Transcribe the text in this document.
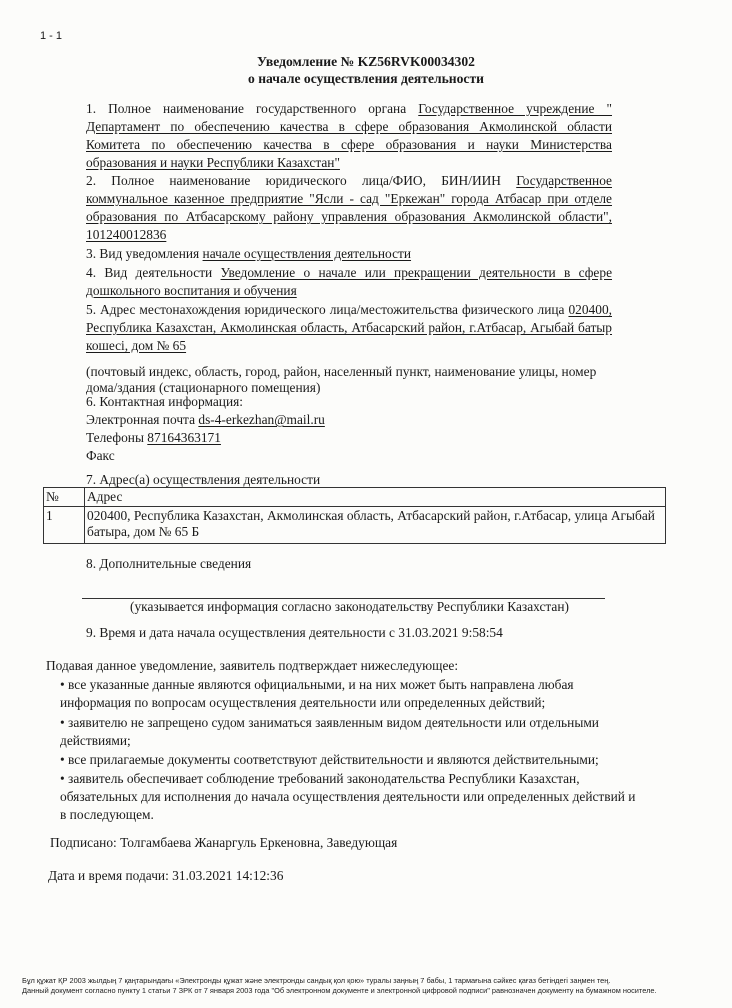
1 - 1
Уведомление № KZ56RVK00034302
о начале осуществления деятельности
1. Полное наименование государственного органа Государственное учреждение "
Департамент по обеспечению качества в сфере образования Акмолинской области
Комитета по обеспечению качества в сфере образования и науки Министерства
образования и науки Республики Казахстан"
2. Полное наименование юридического лица/ФИО, БИН/ИИН Государственное
коммунальное казенное предприятие "Ясли - сад "Еркежан" города Атбасар при отделе
образования по Атбасарскому району управления образования Акмолинской области",
101240012836
3. Вид уведомления начале осуществления деятельности
4. Вид деятельности Уведомление о начале или прекращении деятельности в сфере
дошкольного воспитания и обучения
5. Адрес местонахождения юридического лица/местожительства физического лица 020400,
Республика Казахстан, Акмолинская область, Атбасарский район, г.Атбасар, Агыбай батыр
кошесі, дом № 65
(почтовый индекс, область, город, район, населенный пункт, наименование улицы, номер дома/здания (стационарного помещения)
6. Контактная информация:
Электронная почта ds-4-erkezhan@mail.ru
Телефоны 87164363171
Факс
7. Адрес(а) осуществления деятельности
№	Адрес
1	020400, Республика Казахстан, Акмолинская область, Атбасарский район, г.Атбасар, улица Агыбай батыра, дом № 65 Б
8. Дополнительные сведения
(указывается информация согласно законодательству Республики Казахстан)
9. Время и дата начала осуществления деятельности с 31.03.2021 9:58:54
Подавая данное уведомление, заявитель подтверждает нижеследующее:
• все указанные данные являются официальными, и на них может быть направлена любая
информация по вопросам осуществления деятельности или определенных действий;
• заявителю не запрещено судом заниматься заявленным видом деятельности или отдельными
действиями;
• все прилагаемые документы соответствуют действительности и являются действительными;
• заявитель обеспечивает соблюдение требований законодательства Республики Казахстан,
обязательных для исполнения до начала осуществления деятельности или определенных действий и
в последующем.
Подписано: Толгамбаева Жанаргуль Еркеновна, Заведующая
Дата и время подачи: 31.03.2021 14:12:36
Бұл құжат ҚР 2003 жылдың 7 қаңтарындағы «Электронды құжат және электронды сандық қол қою» туралы заңның 7 бабы, 1 тармағына сәйкес қағаз бетіндегі заңмен тең.
Данный документ согласно пункту 1 статьи 7 ЗРК от 7 января 2003 года "Об электронном документе и электронной цифровой подписи" равнозначен документу на бумажном носителе.
